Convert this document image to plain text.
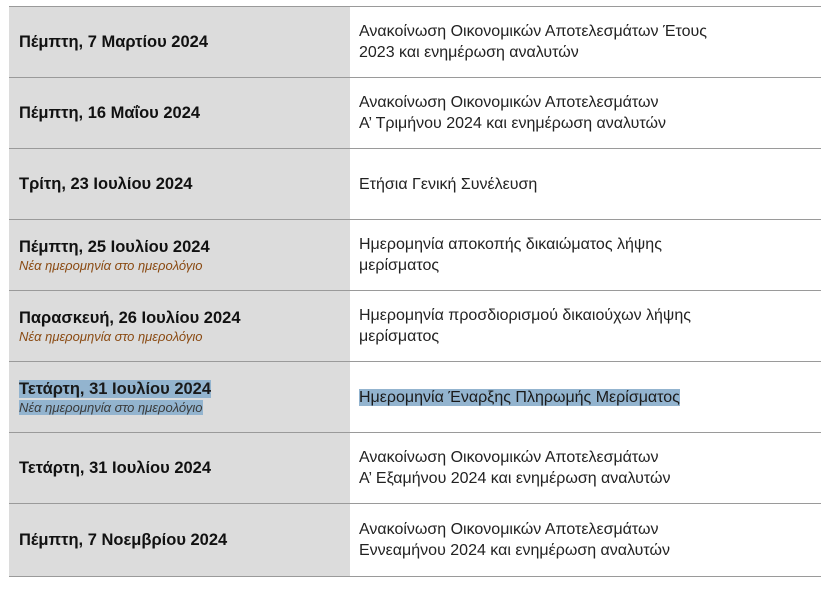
Πέμπτη, 7 Μαρτίου 2024
Ανακοίνωση Οικονομικών Αποτελεσμάτων Έτους
2023 και ενημέρωση αναλυτών
Πέμπτη, 16 Μαΐου 2024
Ανακοίνωση Οικονομικών Αποτελεσμάτων
Α’ Τριμήνου 2024 και ενημέρωση αναλυτών
Τρίτη, 23 Ιουλίου 2024	Ετήσια Γενική Συνέλευση
Πέμπτη, 25 Ιουλίου 2024
Νέα ημερομηνία στο ημερολόγιο
Ημερομηνία αποκοπής δικαιώματος λήψης
μερίσματος
Παρασκευή, 26 Ιουλίου 2024
Νέα ημερομηνία στο ημερολόγιο
Ημερομηνία προσδιορισμού δικαιούχων λήψης
μερίσματος
Τετάρτη, 31 Ιουλίου 2024
Νέα ημερομηνία στο ημερολόγιο
Ημερομηνία Έναρξης Πληρωμής Μερίσματος
Τετάρτη, 31 Ιουλίου 2024
Ανακοίνωση Οικονομικών Αποτελεσμάτων
Α’ Εξαμήνου 2024 και ενημέρωση αναλυτών
Πέμπτη, 7 Νοεμβρίου 2024
Ανακοίνωση Οικονομικών Αποτελεσμάτων
Εννεαμήνου 2024 και ενημέρωση αναλυτών
